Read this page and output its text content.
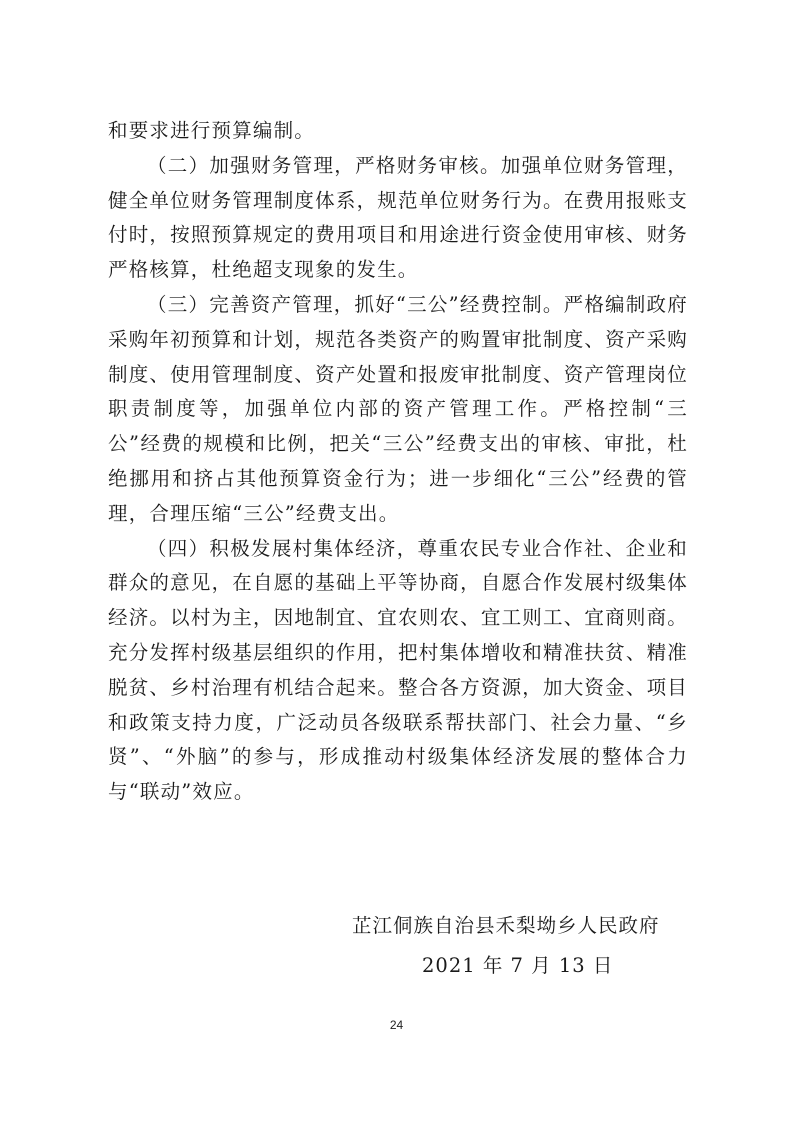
和要求进行预算编制。

（二）加强财务管理，严格财务审核。加强单位财务管理，健全单位财务管理制度体系，规范单位财务行为。在费用报账支付时，按照预算规定的费用项目和用途进行资金使用审核、财务严格核算，杜绝超支现象的发生。

（三）完善资产管理，抓好“三公”经费控制。严格编制政府采购年初预算和计划，规范各类资产的购置审批制度、资产采购制度、使用管理制度、资产处置和报废审批制度、资产管理岗位职责制度等，加强单位内部的资产管理工作。严格控制“三公”经费的规模和比例，把关“三公”经费支出的审核、审批，杜绝挪用和挤占其他预算资金行为；进一步细化“三公”经费的管理，合理压缩“三公”经费支出。

（四）积极发展村集体经济，尊重农民专业合作社、企业和群众的意见，在自愿的基础上平等协商，自愿合作发展村级集体经济。以村为主，因地制宜、宜农则农、宜工则工、宜商则商。充分发挥村级基层组织的作用，把村集体增收和精准扶贫、精准脱贫、乡村治理有机结合起来。整合各方资源，加大资金、项目和政策支持力度，广泛动员各级联系帮扶部门、社会力量、“乡贤”、“外脑”的参与，形成推动村级集体经济发展的整体合力与“联动”效应。

芷江侗族自治县禾梨坳乡人民政府
2021 年 7 月 13 日
24
